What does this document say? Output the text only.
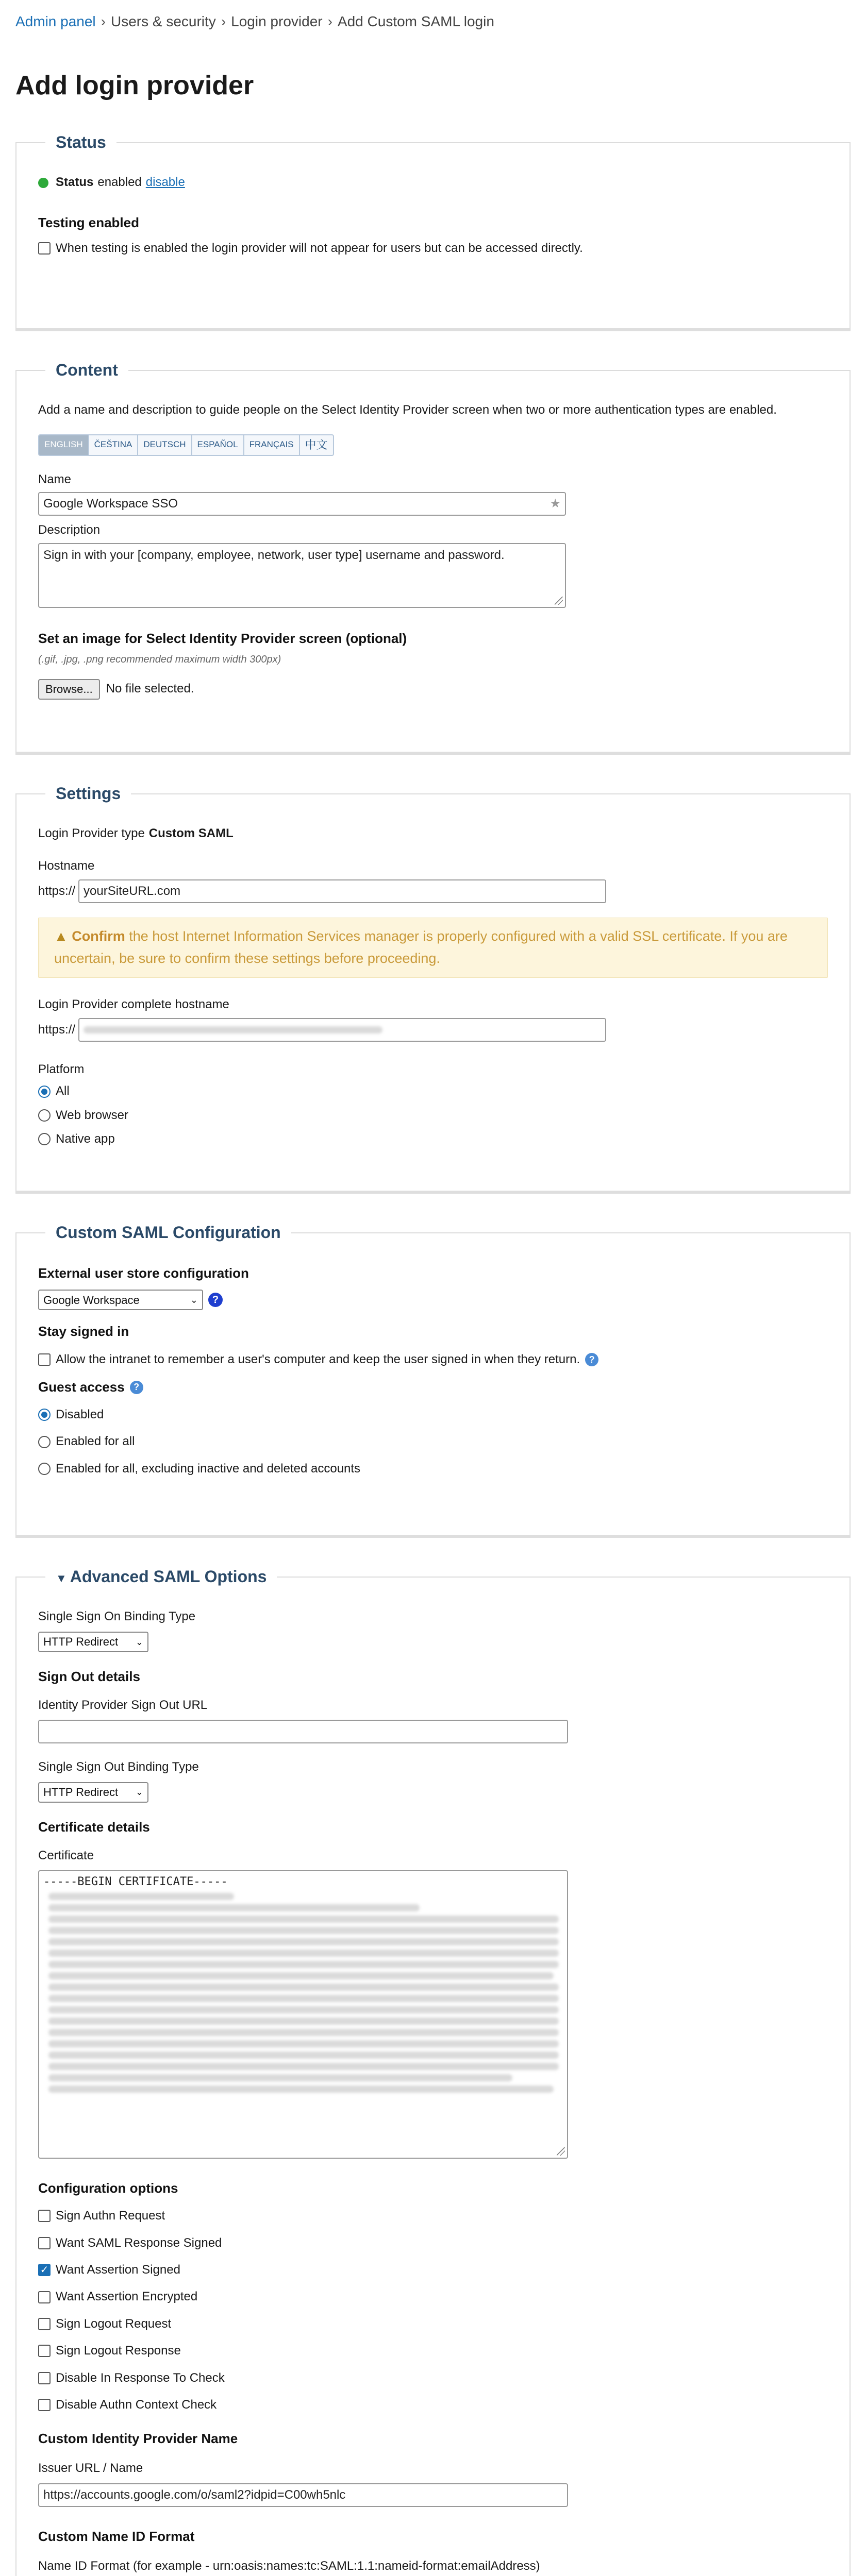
Admin panel › Users & security › Login provider › Add Custom SAML login
Add login provider
Status
Status enabled disable
Testing enabled
When testing is enabled the login provider will not appear for users but can be accessed directly.
Content
Add a name and description to guide people on the Select Identity Provider screen when two or more authentication types are enabled.
ENGLISH	ČEŠTINA	DEUTSCH	ESPAÑOL	FRANÇAIS	中文
Name
Google Workspace SSO	★
Description
Sign in with your [company, employee, network, user type] username and password.
Set an image for Select Identity Provider screen (optional)
(.gif, .jpg, .png recommended maximum width 300px)
Browse...	No file selected.
Settings
Login Provider type Custom SAML
Hostname
https:// yourSiteURL.com
▲ Confirm the host Internet Information Services manager is properly configured with a valid SSL certificate. If you are uncertain, be sure to confirm these settings before proceeding.
Login Provider complete hostname
https://
Platform
All
Web browser
Native app
Custom SAML Configuration
External user store configuration
Google Workspace	⌄	?
Stay signed in
Allow the intranet to remember a user's computer and keep the user signed in when they return. ?
Guest access ?
Disabled
Enabled for all
Enabled for all, excluding inactive and deleted accounts
▼ Advanced SAML Options
Single Sign On Binding Type
HTTP Redirect ⌄
Sign Out details
Identity Provider Sign Out URL
Single Sign Out Binding Type
HTTP Redirect ⌄
Certificate details
Certificate
-----BEGIN CERTIFICATE-----
Configuration options
Sign Authn Request
Want SAML Response Signed
✓ Want Assertion Signed
Want Assertion Encrypted
Sign Logout Request
Sign Logout Response
Disable In Response To Check
Disable Authn Context Check
Custom Identity Provider Name
Issuer URL / Name
https://accounts.google.com/o/saml2?idpid=C00wh5nlc
Custom Name ID Format
Name ID Format (for example - urn:oasis:names:tc:SAML:1.1:nameid-format:emailAddress)
